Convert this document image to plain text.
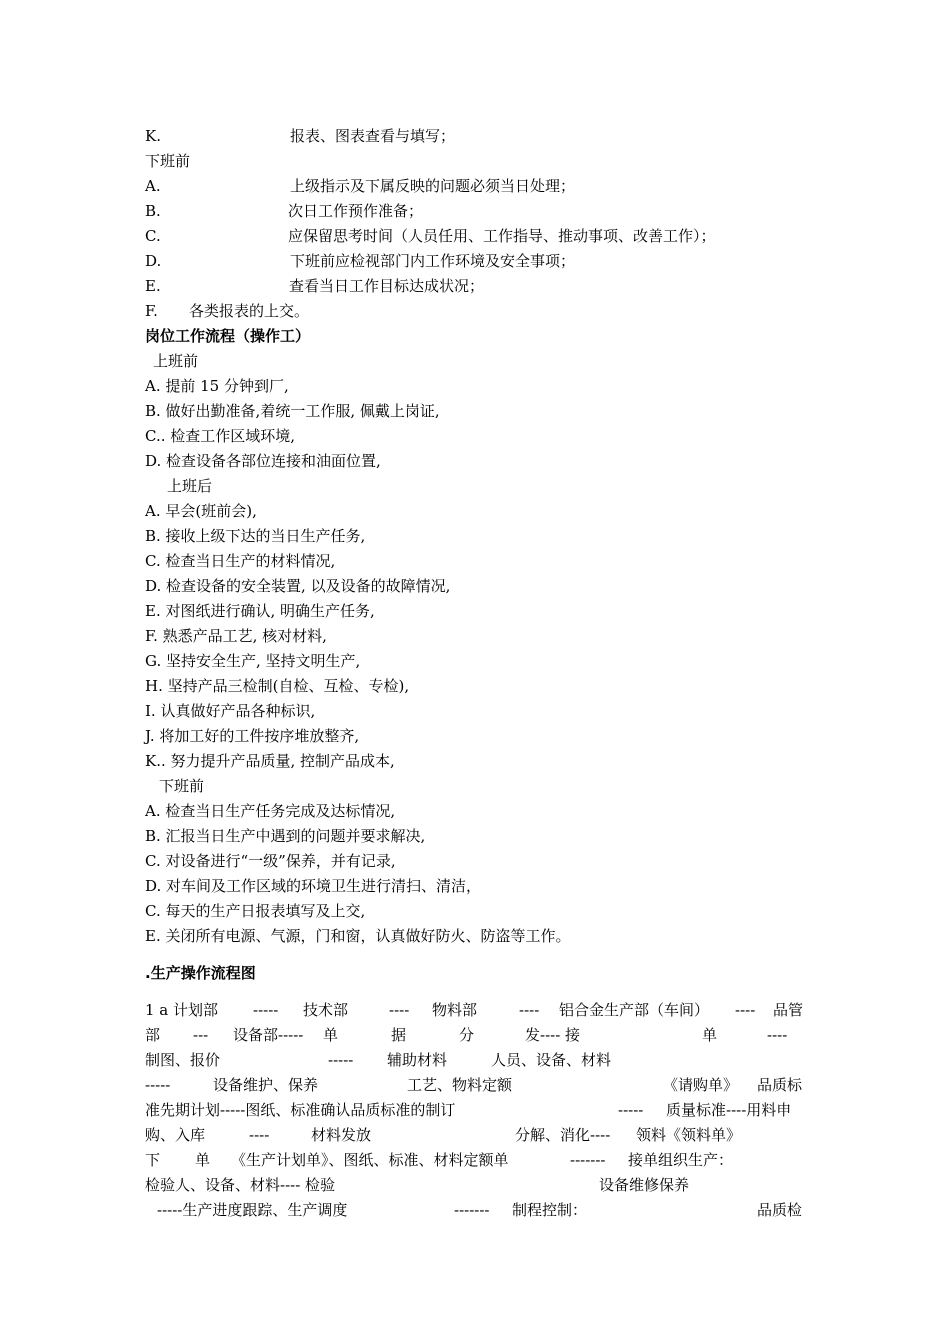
K.	报表、图表查看与填写；
下班前
A.	上级指示及下属反映的问题必须当日处理；
B.	次日工作预作准备；
C.	应保留思考时间（人员任用、工作指导、推动事项、改善工作）；
D.	下班前应检视部门内工作环境及安全事项；
E.	查看当日工作目标达成状况；
F. 各类报表的上交。
岗位工作流程（操作工）
上班前
A. 提前 15 分钟到厂,
B. 做好出勤准备,着统一工作服, 佩戴上岗证,
C.. 检查工作区域环境,
D. 检查设备各部位连接和油面位置,
上班后
A. 早会(班前会),
B. 接收上级下达的当日生产任务,
C. 检查当日生产的材料情况,
D. 检查设备的安全装置, 以及设备的故障情况,
E. 对图纸进行确认, 明确生产任务,
F. 熟悉产品工艺, 核对材料,
G. 坚持安全生产, 坚持文明生产,
H. 坚持产品三检制(自检、互检、专检),
I. 认真做好产品各种标识,
J. 将加工好的工件按序堆放整齐,
K.. 努力提升产品质量, 控制产品成本,
下班前
A. 检查当日生产任务完成及达标情况,
B. 汇报当日生产中遇到的问题并要求解决,
C. 对设备进行“一级”保养，并有记录,
D. 对车间及工作区域的环境卫生进行清扫、清洁，
C. 每天的生产日报表填写及上交,
E. 关闭所有电源、气源，门和窗，认真做好防火、防盗等工作。
.生产操作流程图
1 a 计划部 ----- 技术部	---- 物料部	---- 铝合金生产部（车间） ---- 品管
部 --- 设备部----- 单	据	分	发---- 接	单	----
制图、报价	----- 辅助材料	人员、设备、材料
-----	设备维护、保养	工艺、物料定额	《请购单》 品质标
准先期计划-----图纸、标准确认品质标准的制订	----- 质量标准----用料申
购、入库	----	材料发放	分解、消化---- 领料《领料单》
下 单 《生产计划单》、图纸、标准、材料定额单	------- 接单组织生产：
检验人、设备、材料---- 检验	设备维修保养
-----生产进度跟踪、生产调度	------- 制程控制：	品质检
